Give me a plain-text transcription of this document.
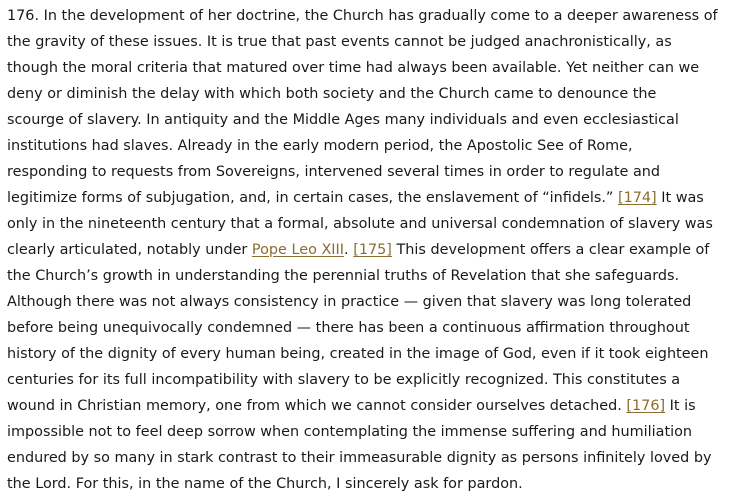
176. In the development of her doctrine, the Church has gradually come to a deeper awareness of
the gravity of these issues. It is true that past events cannot be judged anachronistically, as
though the moral criteria that matured over time had always been available. Yet neither can we
deny or diminish the delay with which both society and the Church came to denounce the
scourge of slavery. In antiquity and the Middle Ages many individuals and even ecclesiastical
institutions had slaves. Already in the early modern period, the Apostolic See of Rome,
responding to requests from Sovereigns, intervened several times in order to regulate and
legitimize forms of subjugation, and, in certain cases, the enslavement of “infidels.” [174] It was
only in the nineteenth century that a formal, absolute and universal condemnation of slavery was
clearly articulated, notably under Pope Leo XIII. [175] This development offers a clear example of
the Church’s growth in understanding the perennial truths of Revelation that she safeguards.
Although there was not always consistency in practice — given that slavery was long tolerated
before being unequivocally condemned — there has been a continuous affirmation throughout
history of the dignity of every human being, created in the image of God, even if it took eighteen
centuries for its full incompatibility with slavery to be explicitly recognized. This constitutes a
wound in Christian memory, one from which we cannot consider ourselves detached. [176] It is
impossible not to feel deep sorrow when contemplating the immense suffering and humiliation
endured by so many in stark contrast to their immeasurable dignity as persons infinitely loved by
the Lord. For this, in the name of the Church, I sincerely ask for pardon.
